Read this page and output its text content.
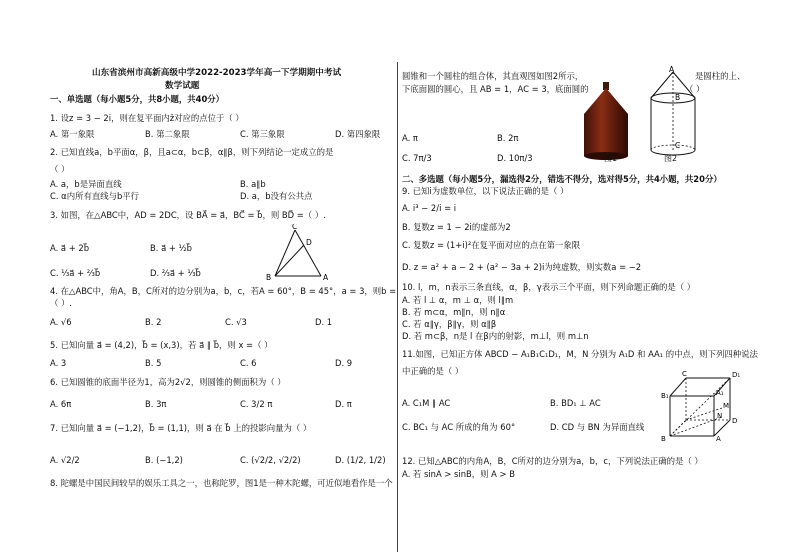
山东省滨州市高新高级中学2022-2023学年高一下学期期中考试
数学试题
一、单选题（每小题5分，共8小题，共40分）
1. 设z = 3 − 2i，则在复平面内z̄对应的点位于（ ）
A. 第一象限	B. 第二象限	C. 第三象限	D. 第四象限
2. 已知直线a，b平面α，β，且a⊂α，b⊂β，α∥β，则下列结论一定成立的是
（ ）
A. a，b是异面直线	B. a∥b
C. α内所有直线与b平行	D. a，b没有公共点
3. 如图，在△ABC中，AD = 2DC，设 BA⃗ = a⃗，BC⃗ = b⃗，则 BD⃗ =（ ）.
C
D
B	A
A. a⃗ + 2b⃗	B. a⃗ + ½b⃗
C. ⅓a⃗ + ⅔b⃗	D. ⅔a⃗ + ⅓b⃗
4. 在△ABC中，角A，B，C所对的边分别为a，b，c，若A = 60°，B = 45°，a = 3，则b =
（ ）.
A. √6	B. 2	C. √3	D. 1
5. 已知向量 a⃗ = (4,2)，b⃗ = (x,3)，若 a⃗ ∥ b⃗，则 x =（ ）
A. 3	B. 5	C. 6	D. 9
6. 已知圆锥的底面半径为1，高为2√2，则圆锥的侧面积为（ ）
A. 6π	B. 3π	C. 3/2 π	D. π
7. 已知向量 a⃗ = (−1,2)，b⃗ = (1,1)，则 a⃗ 在 b⃗ 上的投影向量为（ ）
A. √2/2	B. (−1,2)	C. (√2/2, √2/2)	D. (1/2, 1/2)
8. 陀螺是中国民间较早的娱乐工具之一，也称陀罗，图1是一种木陀螺，可近似地看作是一个
圆锥和一个圆柱的组合体，其直观图如图2所示，	是圆柱的上、
下底面圆的圆心，且 AB = 1，AC = 3，底面圆的	（ ）
图1
A
B
C
图2
A. π	B. 2π
C. 7π/3	D. 10π/3
二、多选题（每小题5分，漏选得2分，错选不得分，选对得5分，共4小题，共20分）
9. 已知i为虚数单位，以下说法正确的是（ ）
A. i³ − 2/i = i
B. 复数z = 1 − 2i的虚部为2
C. 复数z = (1+i)²在复平面对应的点在第一象限
D. z = a² + a − 2 + (a² − 3a + 2)i为纯虚数，则实数a = −2
10. l，m，n表示三条直线，α，β，γ表示三个平面，则下列命题正确的是（ ）
A. 若 l ⊥ α，m ⊥ α，则 l∥m
B. 若 m⊂α，m∥n，则 n∥α
C. 若 α∥γ，β∥γ，则 α∥β
D. 若 m⊂β，n是 l 在β内的射影，m⊥l，则 m⊥n
11.如图，已知正方体 ABCD − A₁B₁C₁D₁，M，N 分别为 A₁D 和 AA₁ 的中点，则下列四种说法
中正确的是（ ）	C	D₁
B₁	A₁
M
N
D
A
B
A. C₁M ∥ AC	B. BD₁ ⊥ AC
C. BC₁ 与 AC 所成的角为 60°	D. CD 与 BN 为异面直线
12. 已知△ABC的内角A，B，C所对的边分别为a，b，c，下列说法正确的是（ ）
A. 若 sinA > sinB，则 A > B
